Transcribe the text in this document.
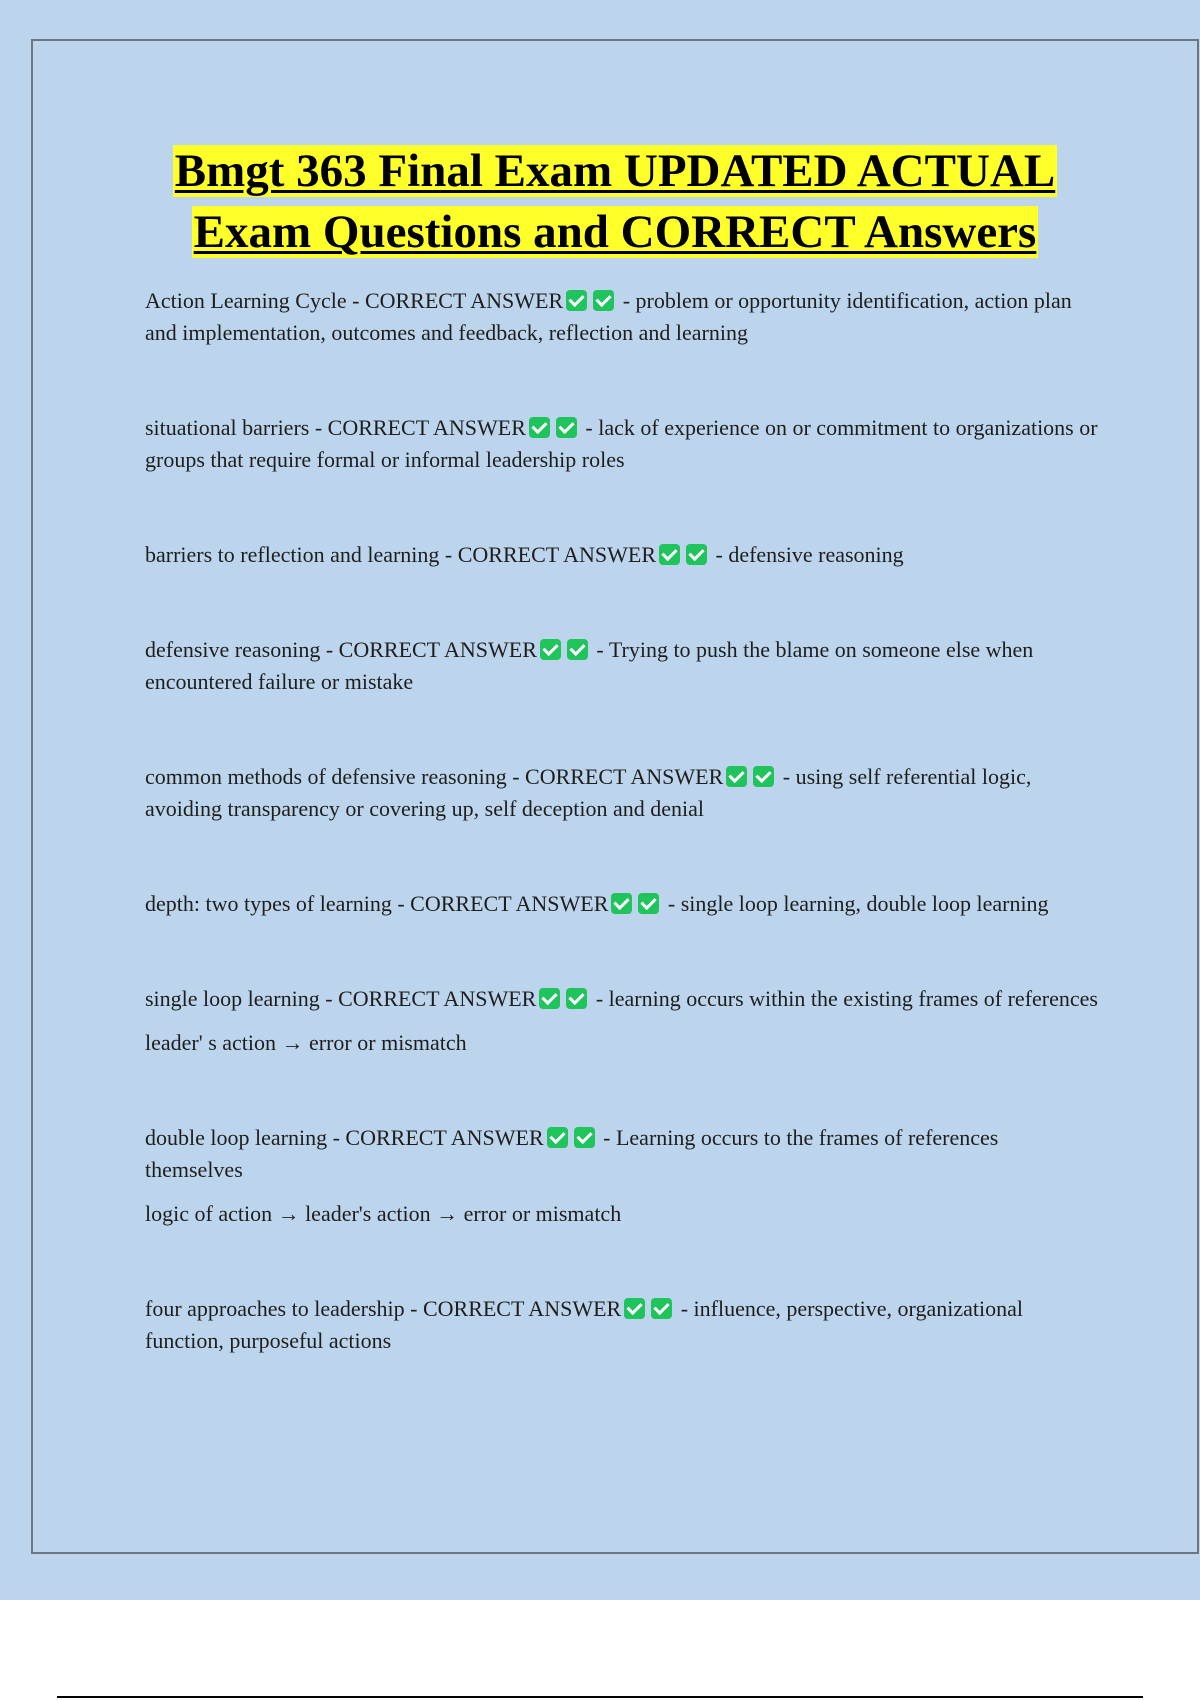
Bmgt 363 Final Exam UPDATED ACTUAL
Exam Questions and CORRECT Answers

Action Learning Cycle - CORRECT ANSWER - problem or opportunity identification, action plan and implementation, outcomes and feedback, reflection and learning

situational barriers - CORRECT ANSWER - lack of experience on or commitment to organizations or groups that require formal or informal leadership roles

barriers to reflection and learning - CORRECT ANSWER - defensive reasoning

defensive reasoning - CORRECT ANSWER - Trying to push the blame on someone else when encountered failure or mistake

common methods of defensive reasoning - CORRECT ANSWER - using self referential logic, avoiding transparency or covering up, self deception and denial

depth: two types of learning - CORRECT ANSWER - single loop learning, double loop learning

single loop learning - CORRECT ANSWER - learning occurs within the existing frames of references

leader' s action → error or mismatch

double loop learning - CORRECT ANSWER - Learning occurs to the frames of references themselves

logic of action → leader's action → error or mismatch

four approaches to leadership - CORRECT ANSWER - influence, perspective, organizational function, purposeful actions
